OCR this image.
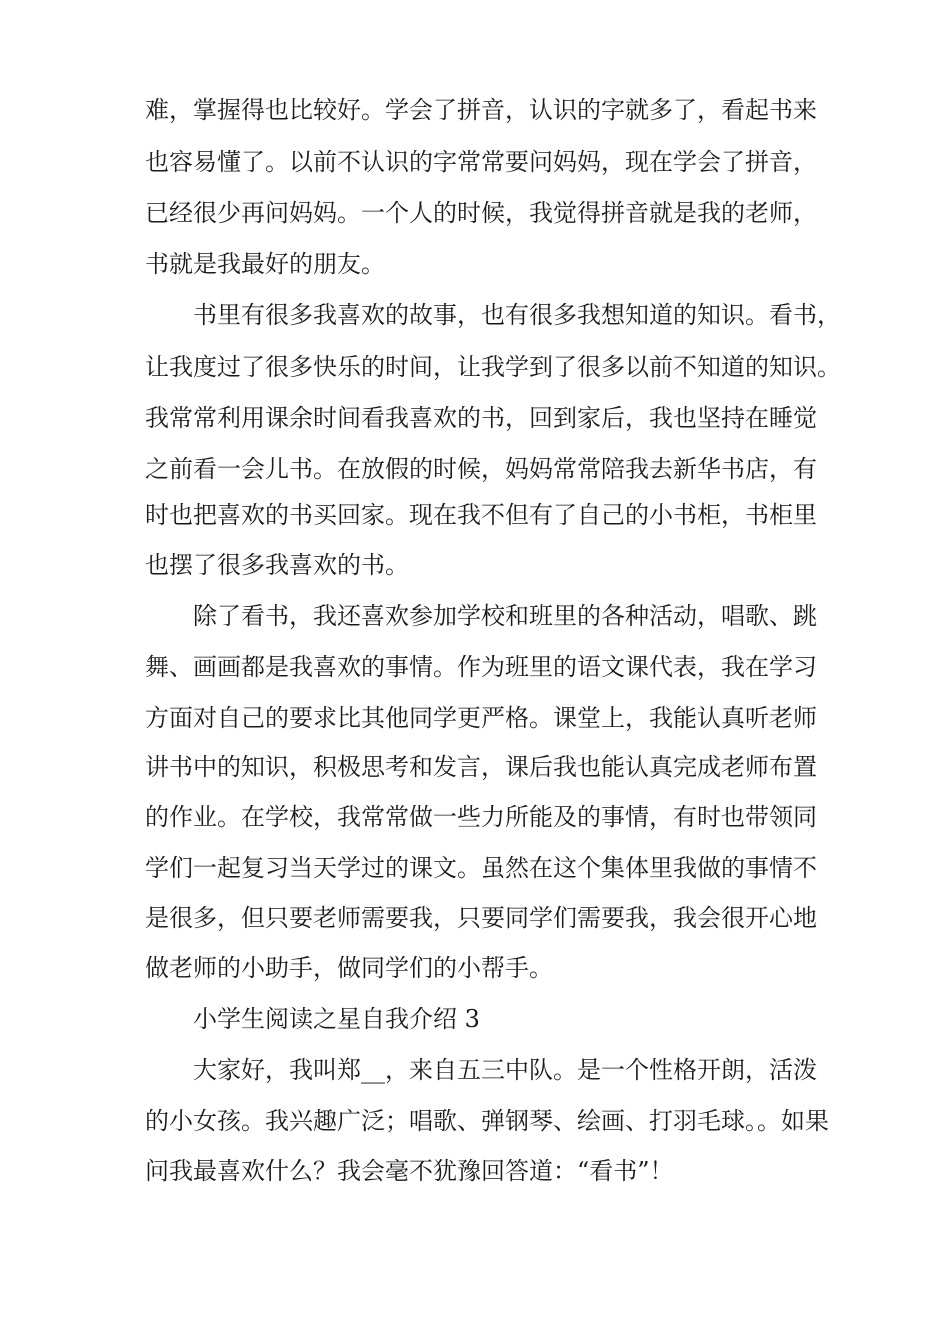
难，掌握得也比较好。学会了拼音，认识的字就多了，看起书来
也容易懂了。以前不认识的字常常要问妈妈，现在学会了拼音，
已经很少再问妈妈。一个人的时候，我觉得拼音就是我的老师，
书就是我最好的朋友。
书里有很多我喜欢的故事，也有很多我想知道的知识。看书，
让我度过了很多快乐的时间，让我学到了很多以前不知道的知识。
我常常利用课余时间看我喜欢的书，回到家后，我也坚持在睡觉
之前看一会儿书。在放假的时候，妈妈常常陪我去新华书店，有
时也把喜欢的书买回家。现在我不但有了自己的小书柜，书柜里
也摆了很多我喜欢的书。
除了看书，我还喜欢参加学校和班里的各种活动，唱歌、跳
舞、画画都是我喜欢的事情。作为班里的语文课代表，我在学习
方面对自己的要求比其他同学更严格。课堂上，我能认真听老师
讲书中的知识，积极思考和发言，课后我也能认真完成老师布置
的作业。在学校，我常常做一些力所能及的事情，有时也带领同
学们一起复习当天学过的课文。虽然在这个集体里我做的事情不
是很多，但只要老师需要我，只要同学们需要我，我会很开心地
做老师的小助手，做同学们的小帮手。
小学生阅读之星自我介绍 3
大家好，我叫郑__，来自五三中队。是一个性格开朗，活泼
的小女孩。我兴趣广泛；唱歌、弹钢琴、绘画、打羽毛球。。如果
问我最喜欢什么？我会毫不犹豫回答道：“看书”！
